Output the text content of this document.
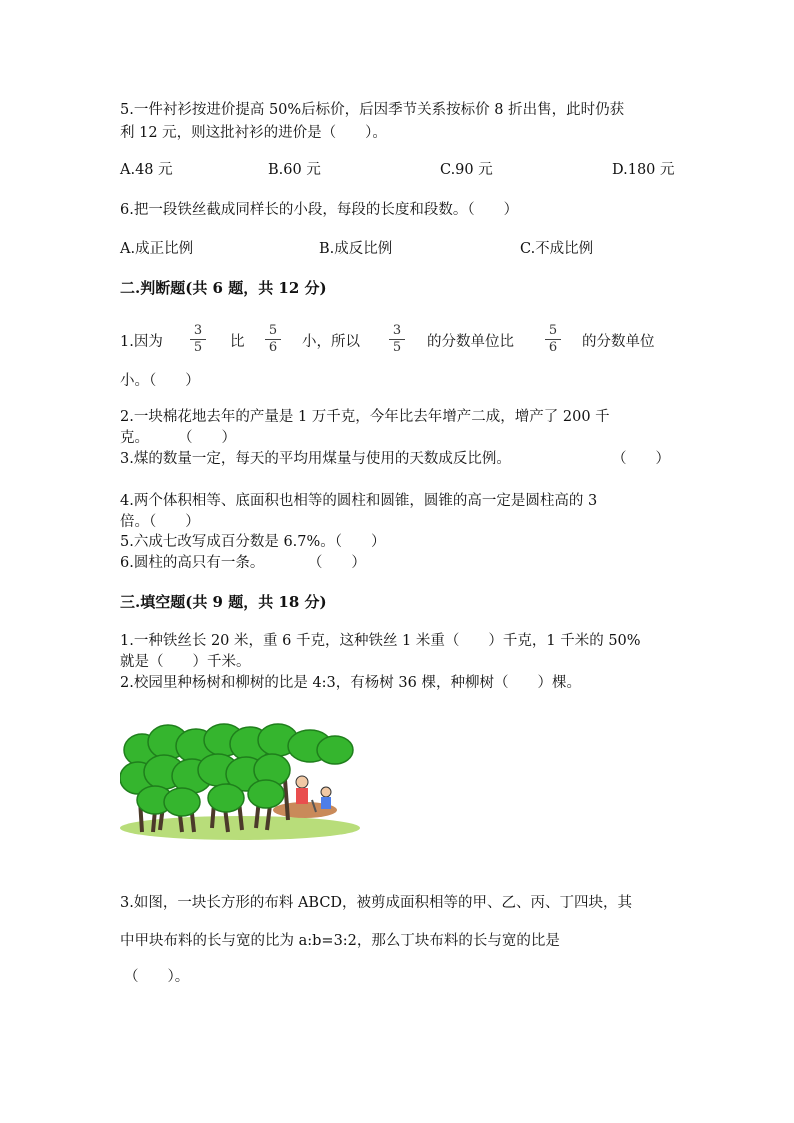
5.一件衬衫按进价提高 50%后标价，后因季节关系按标价 8 折出售，此时仍获
利 12 元，则这批衬衫的进价是（　　）。
A.48 元	B.60 元	C.90 元	D.180 元
6.把一段铁丝截成同样长的小段，每段的长度和段数。（　　）
A.成正比例	B.成反比例	C.不成比例
二.判断题(共 6 题，共 12 分)
1.因为
3
5 比
5
6 小，所以
3
5 的分数单位比
5
6 的分数单位
小。（　　）
2.一块棉花地去年的产量是 1 万千克，今年比去年增产二成，增产了 200 千
克。　　　（　　）
3.煤的数量一定，每天的平均用煤量与使用的天数成反比例。	（　　）
4.两个体积相等、底面积也相等的圆柱和圆锥，圆锥的高一定是圆柱高的 3
倍。（　　）
5.六成七改写成百分数是 6.7%。（　　）
6.圆柱的高只有一条。　　　　（　　）
三.填空题(共 9 题，共 18 分)
1.一种铁丝长 20 米，重 6 千克，这种铁丝 1 米重（　　）千克，1 千米的 50%
就是（　　）千米。
2.校园里种杨树和柳树的比是 4:3，有杨树 36 棵，种柳树（　　）棵。
3.如图，一块长方形的布料 ABCD，被剪成面积相等的甲、乙、丙、丁四块，其
中甲块布料的长与宽的比为 a:b=3:2，那么丁块布料的长与宽的比是
（　　）。
